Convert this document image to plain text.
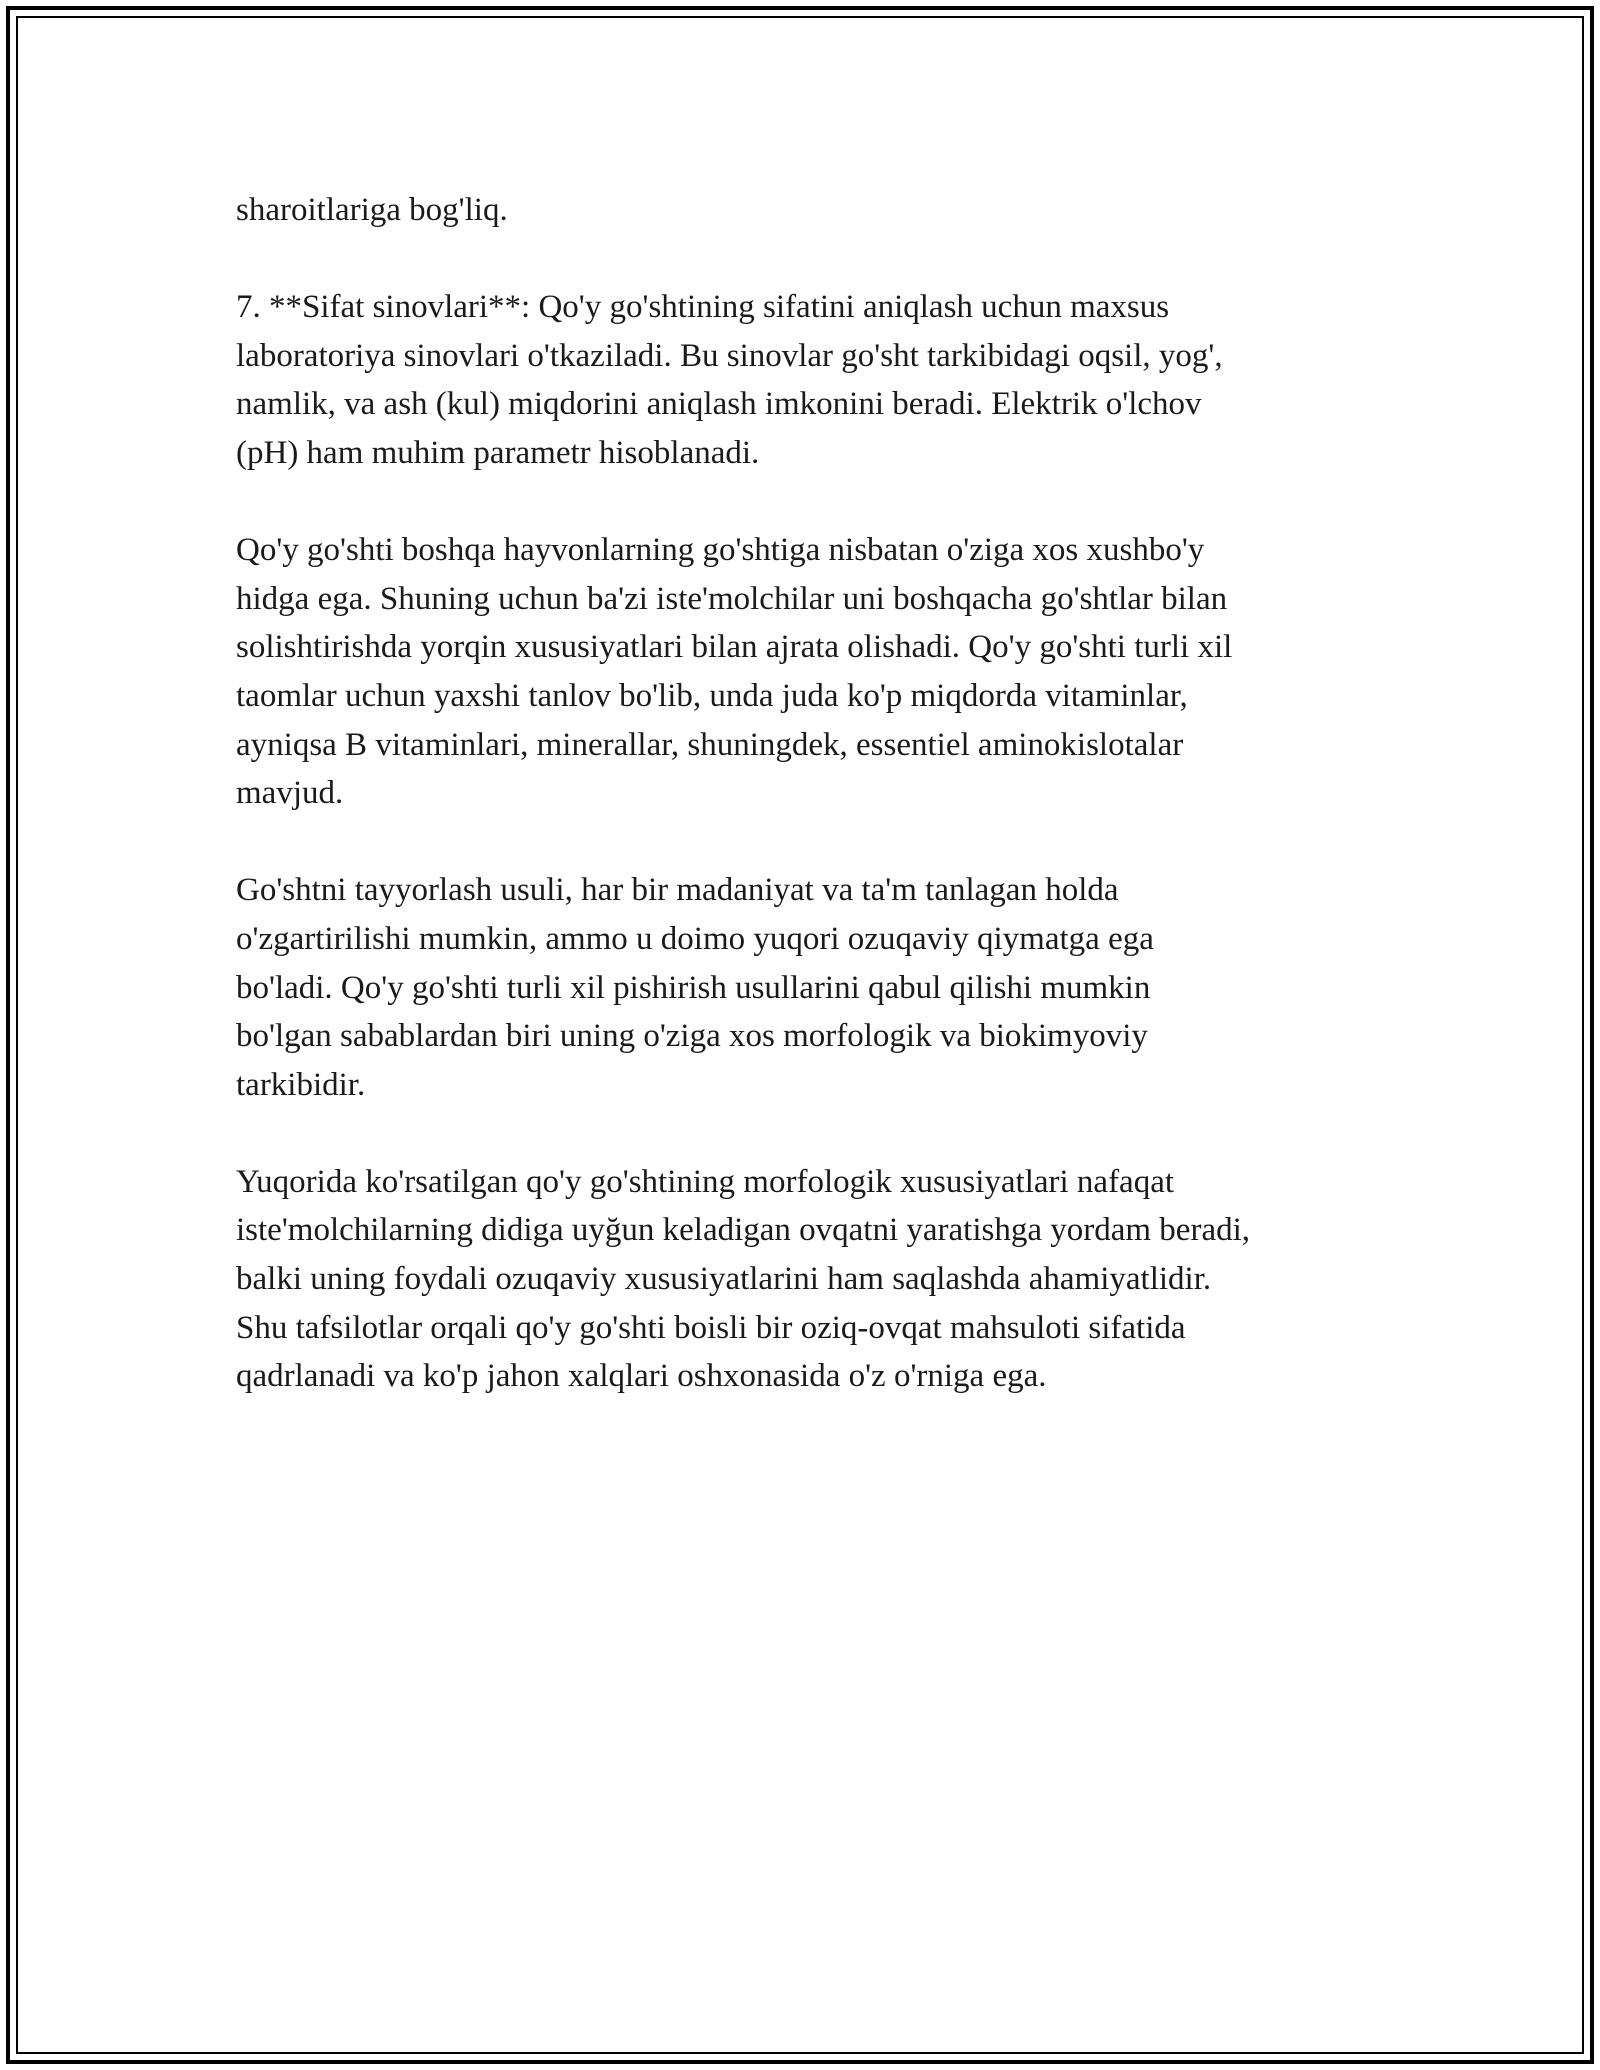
sharoitlariga bog'liq.

7. **Sifat sinovlari**: Qo'y go'shtining sifatini aniqlash uchun maxsus
laboratoriya sinovlari o'tkaziladi. Bu sinovlar go'sht tarkibidagi oqsil, yog',
namlik, va ash (kul) miqdorini aniqlash imkonini beradi. Elektrik o'lchov
(pH) ham muhim parametr hisoblanadi.

Qo'y go'shti boshqa hayvonlarning go'shtiga nisbatan o'ziga xos xushbo'y
hidga ega. Shuning uchun ba'zi iste'molchilar uni boshqacha go'shtlar bilan
solishtirishda yorqin xususiyatlari bilan ajrata olishadi. Qo'y go'shti turli xil
taomlar uchun yaxshi tanlov bo'lib, unda juda ko'p miqdorda vitaminlar,
ayniqsa B vitaminlari, minerallar, shuningdek, essentiel aminokislotalar
mavjud.

Go'shtni tayyorlash usuli, har bir madaniyat va ta'm tanlagan holda
o'zgartirilishi mumkin, ammo u doimo yuqori ozuqaviy qiymatga ega
bo'ladi. Qo'y go'shti turli xil pishirish usullarini qabul qilishi mumkin
bo'lgan sabablardan biri uning o'ziga xos morfologik va biokimyoviy
tarkibidir.

Yuqorida ko'rsatilgan qo'y go'shtining morfologik xususiyatlari nafaqat
iste'molchilarning didiga uyğun keladigan ovqatni yaratishga yordam beradi,
balki uning foydali ozuqaviy xususiyatlarini ham saqlashda ahamiyatlidir.
Shu tafsilotlar orqali qo'y go'shti boisli bir oziq-ovqat mahsuloti sifatida
qadrlanadi va ko'p jahon xalqlari oshxonasida o'z o'rniga ega.
